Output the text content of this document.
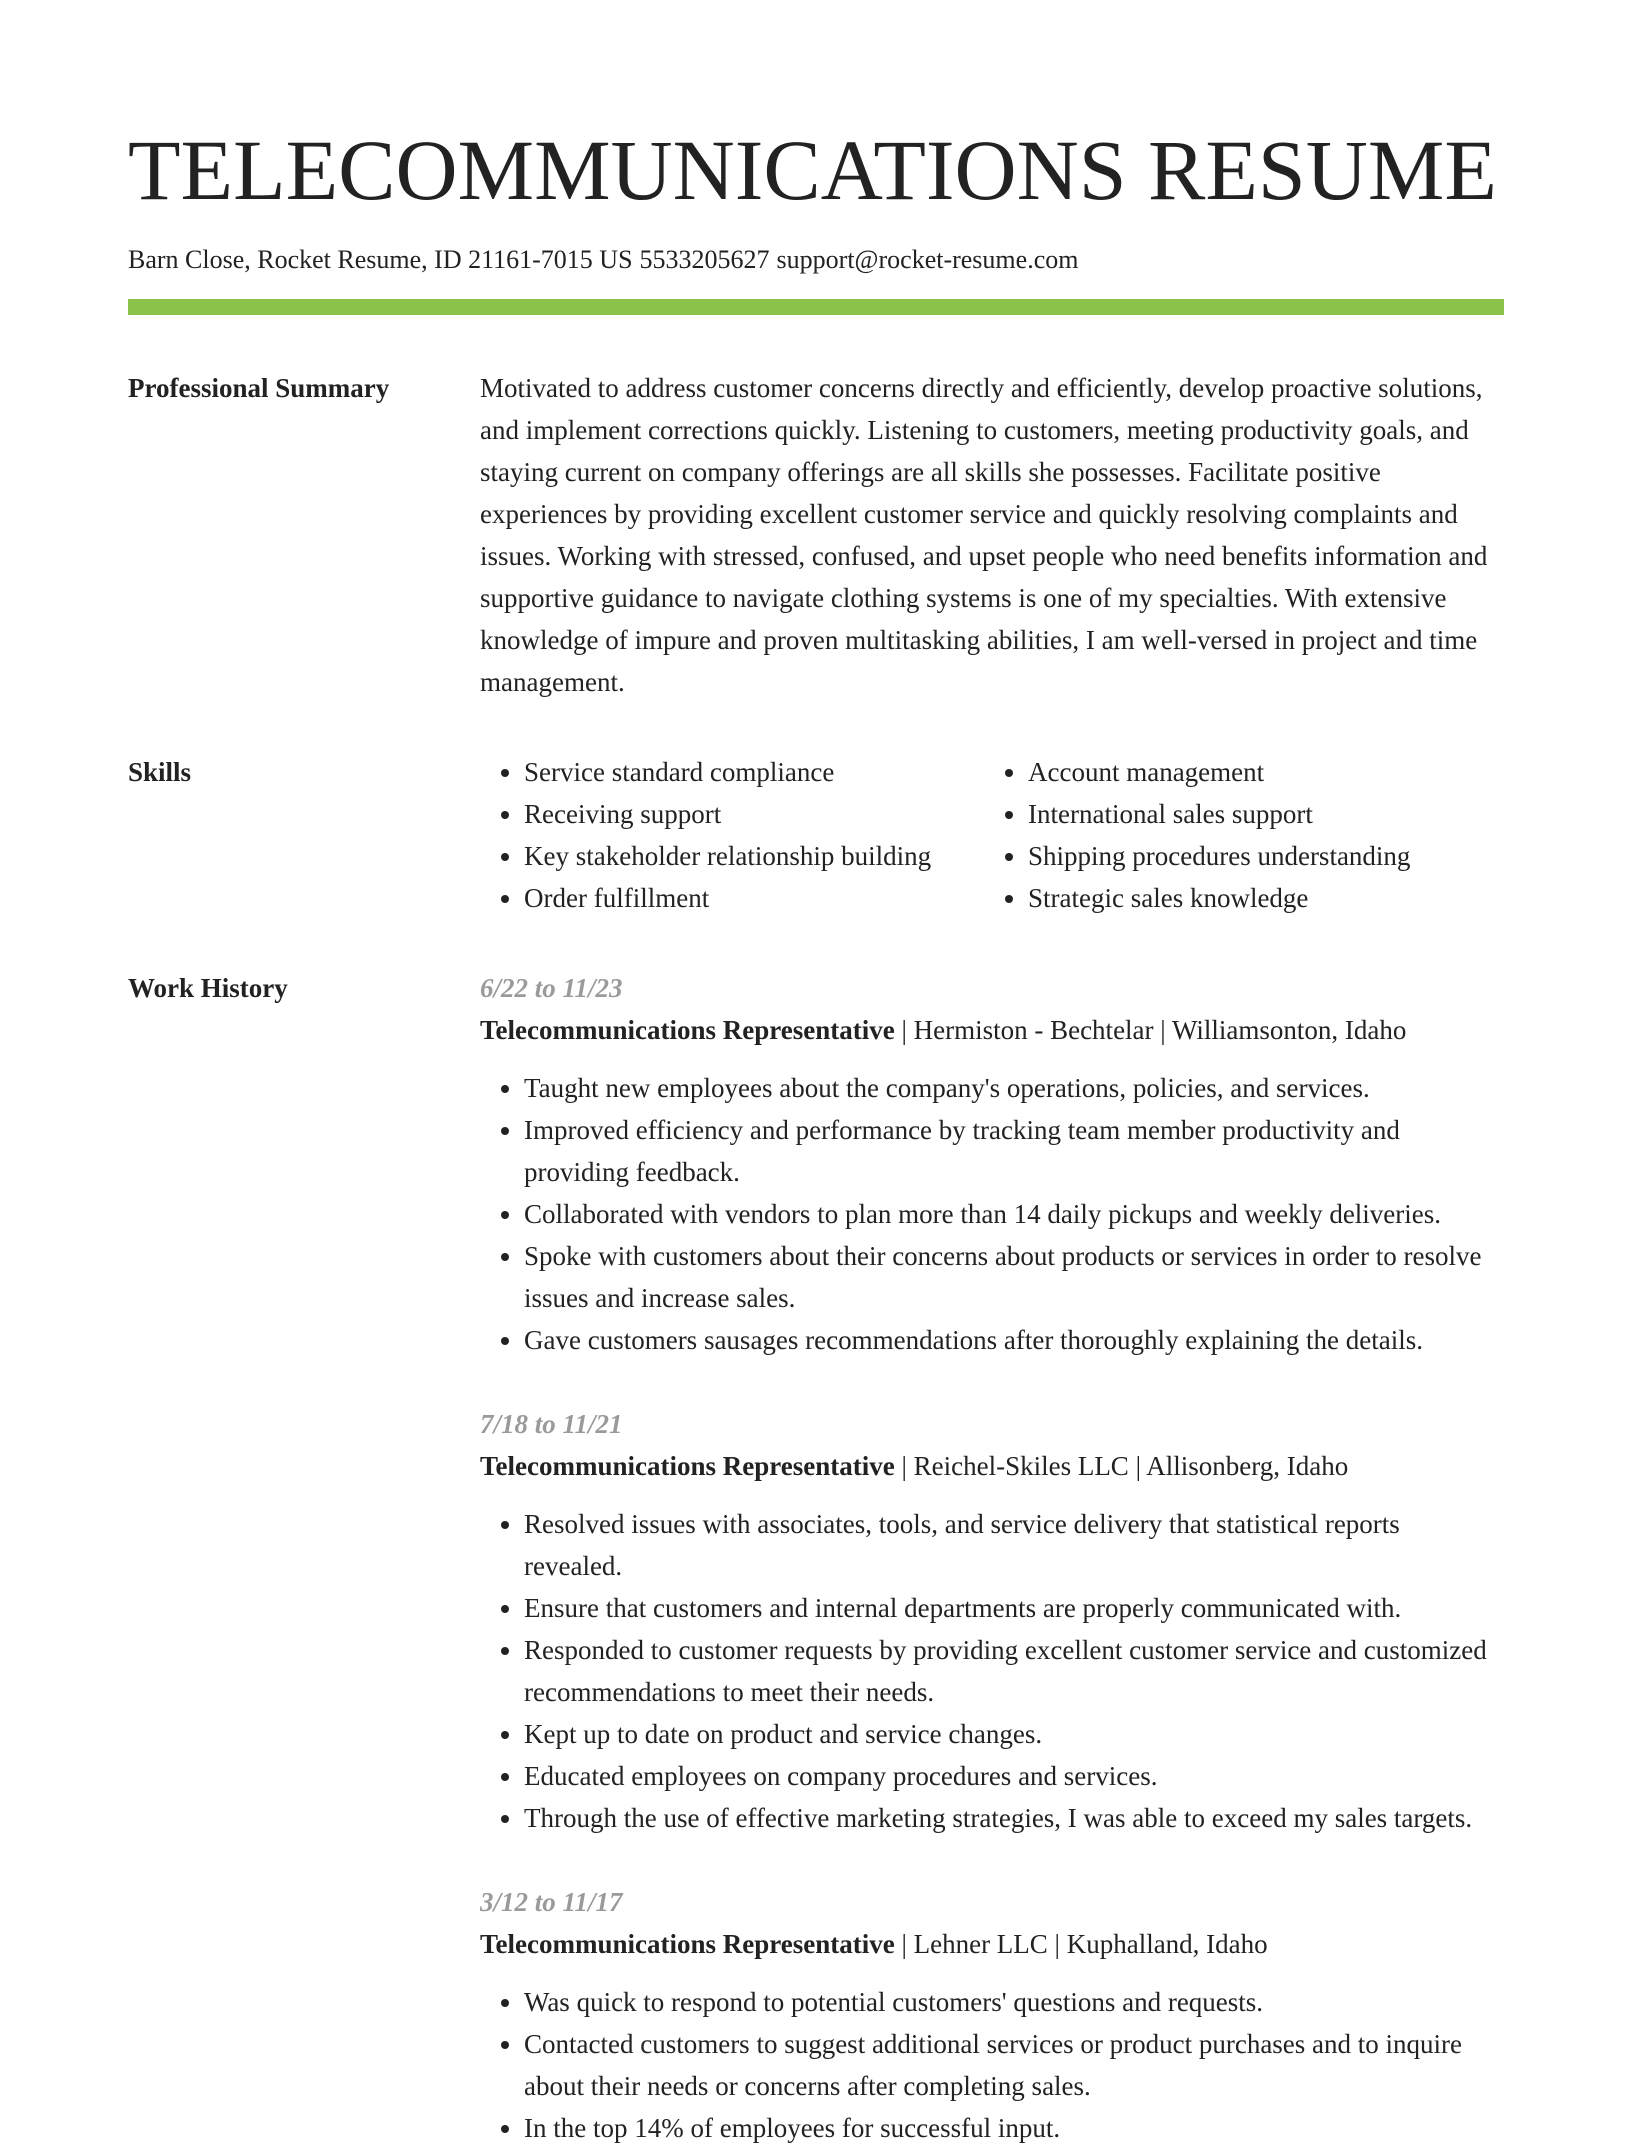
TELECOMMUNICATIONS RESUME
Barn Close, Rocket Resume, ID 21161-7015 US 5533205627 support@rocket-resume.com
Professional Summary	Motivated to address customer concerns directly and efficiently, develop proactive solutions, and implement corrections quickly. Listening to customers, meeting productivity goals, and staying current on company offerings are all skills she possesses. Facilitate positive experiences by providing excellent customer service and quickly resolving complaints and issues. Working with stressed, confused, and upset people who need benefits information and supportive guidance to navigate clothing systems is one of my specialties. With extensive knowledge of impure and proven multitasking abilities, I am well-versed in project and time management.

Skills
•	Service standard compliance
• Receiving support
• Key stakeholder relationship building
• Order fulfillment
• Account management
• International sales support
• Shipping procedures understanding
• Strategic sales knowledge
Work History	6/22 to 11/23
Telecommunications Representative | Hermiston - Bechtelar | Williamsonton, Idaho
• Taught new employees about the company's operations, policies, and services.
• Improved efficiency and performance by tracking team member productivity and providing feedback.
• Collaborated with vendors to plan more than 14 daily pickups and weekly deliveries.
• Spoke with customers about their concerns about products or services in order to resolve issues and increase sales.
• Gave customers sausages recommendations after thoroughly explaining the details.
7/18 to 11/21
Telecommunications Representative | Reichel-Skiles LLC | Allisonberg, Idaho
• Resolved issues with associates, tools, and service delivery that statistical reports revealed.
• Ensure that customers and internal departments are properly communicated with.
• Responded to customer requests by providing excellent customer service and customized recommendations to meet their needs.
• Kept up to date on product and service changes.
• Educated employees on company procedures and services.
• Through the use of effective marketing strategies, I was able to exceed my sales targets.
3/12 to 11/17
Telecommunications Representative | Lehner LLC | Kuphalland, Idaho
• Was quick to respond to potential customers' questions and requests.
• Contacted customers to suggest additional services or product purchases and to inquire about their needs or concerns after completing sales.
• In the top 14% of employees for successful input.
